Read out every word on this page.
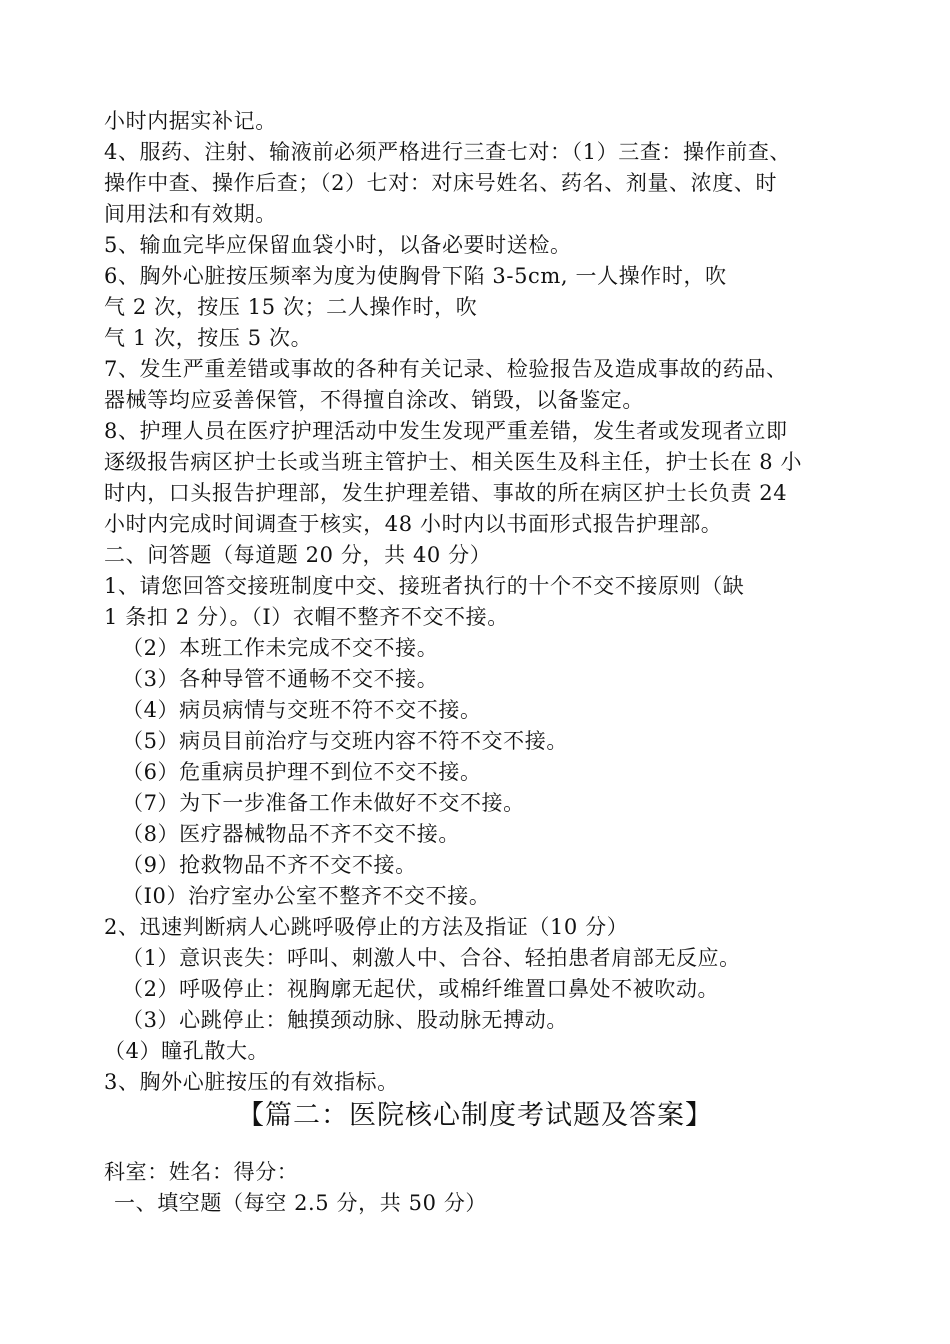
小时内据实补记。
4、服药、注射、输液前必须严格进行三查七对：（1）三查：操作前查、
操作中查、操作后查；（2）七对：对床号姓名、药名、剂量、浓度、时
间用法和有效期。
5、输血完毕应保留血袋小时，以备必要时送检。
6、胸外心脏按压频率为度为使胸骨下陷 3-5cm, 一人操作时，吹
气 2 次，按压 15 次；二人操作时，吹
气 1 次，按压 5 次。
7、发生严重差错或事故的各种有关记录、检验报告及造成事故的药品、
器械等均应妥善保管，不得擅自涂改、销毁，以备鉴定。
8、护理人员在医疗护理活动中发生发现严重差错，发生者或发现者立即
逐级报告病区护士长或当班主管护士、相关医生及科主任，护士长在 8 小
时内，口头报告护理部，发生护理差错、事故的所在病区护士长负责 24
小时内完成时间调查于核实，48 小时内以书面形式报告护理部。
二、问答题（每道题 20 分，共 40 分）
1、请您回答交接班制度中交、接班者执行的十个不交不接原则（缺
1 条扣 2 分）。（I）衣帽不整齐不交不接。
（2）本班工作未完成不交不接。
（3）各种导管不通畅不交不接。
（4）病员病情与交班不符不交不接。
（5）病员目前治疗与交班内容不符不交不接。
（6）危重病员护理不到位不交不接。
（7）为下一步准备工作未做好不交不接。
（8）医疗器械物品不齐不交不接。
（9）抢救物品不齐不交不接。
（I0）治疗室办公室不整齐不交不接。
2、迅速判断病人心跳呼吸停止的方法及指证（10 分）
（1）意识丧失：呼叫、刺激人中、合谷、轻拍患者肩部无反应。
（2）呼吸停止：视胸廓无起伏，或棉纤维置口鼻处不被吹动。
（3）心跳停止：触摸颈动脉、股动脉无搏动。
（4）瞳孔散大。
3、胸外心脏按压的有效指标。
【篇二：医院核心制度考试题及答案】
科室：姓名：得分：
一、填空题（每空 2.5 分，共 50 分）
